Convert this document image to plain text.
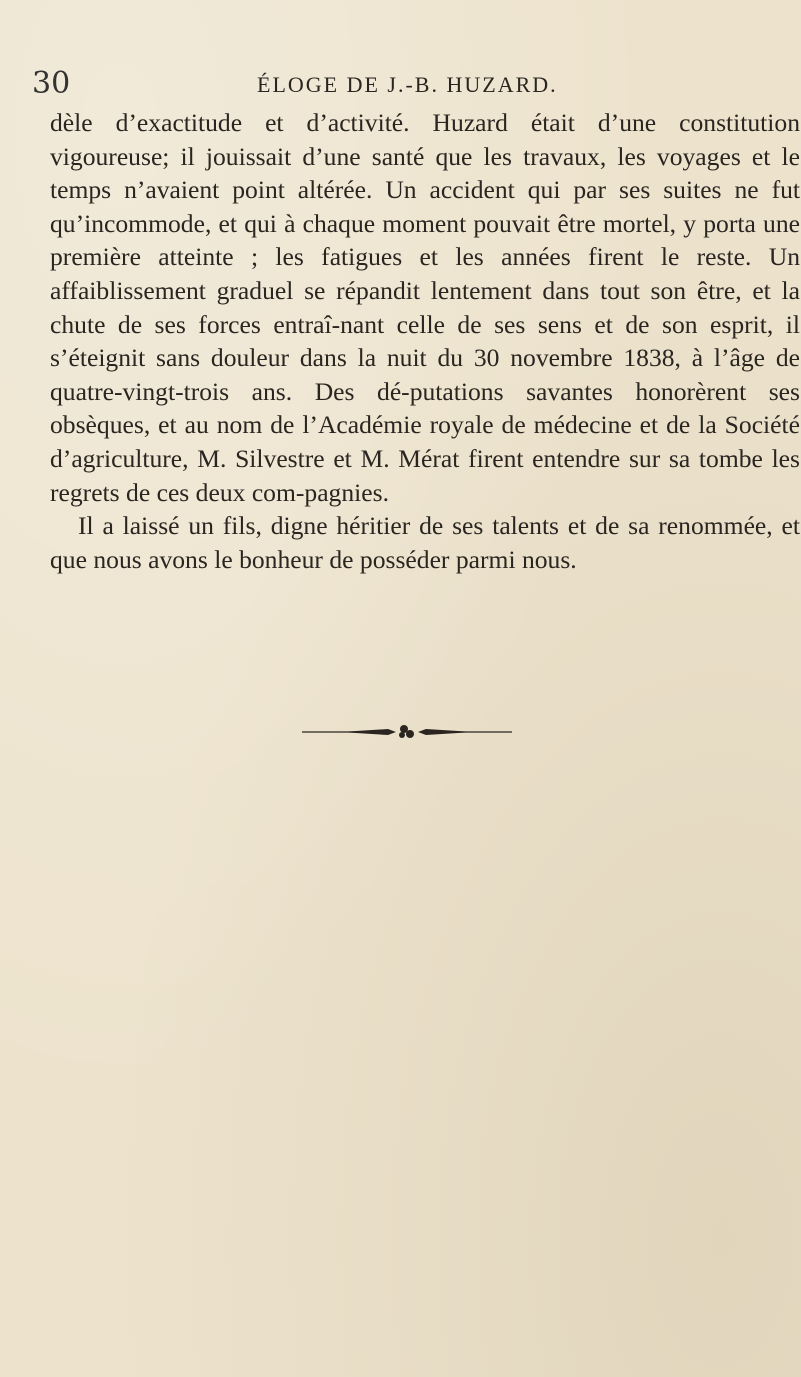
30	ÉLOGE DE J.-B. HUZARD.

dèle d’exactitude et d’activité. Huzard était d’une constitution vigoureuse; il jouissait d’une santé que les travaux, les voyages et le temps n’avaient point altérée. Un accident qui par ses suites ne fut qu’incommode, et qui à chaque moment pouvait être mortel, y porta une première atteinte ; les fatigues et les années firent le reste. Un affaiblissement graduel se répandit lentement dans tout son être, et la chute de ses forces entraî-nant celle de ses sens et de son esprit, il s’éteignit sans douleur dans la nuit du 30 novembre 1838, à l’âge de quatre-vingt-trois ans. Des dé-putations savantes honorèrent ses obsèques, et au nom de l’Académie royale de médecine et de la Société d’agriculture, M. Silvestre et M. Mérat firent entendre sur sa tombe les regrets de ces deux com-pagnies.

Il a laissé un fils, digne héritier de ses talents et de sa renommée, et que nous avons le bonheur de posséder parmi nous.
